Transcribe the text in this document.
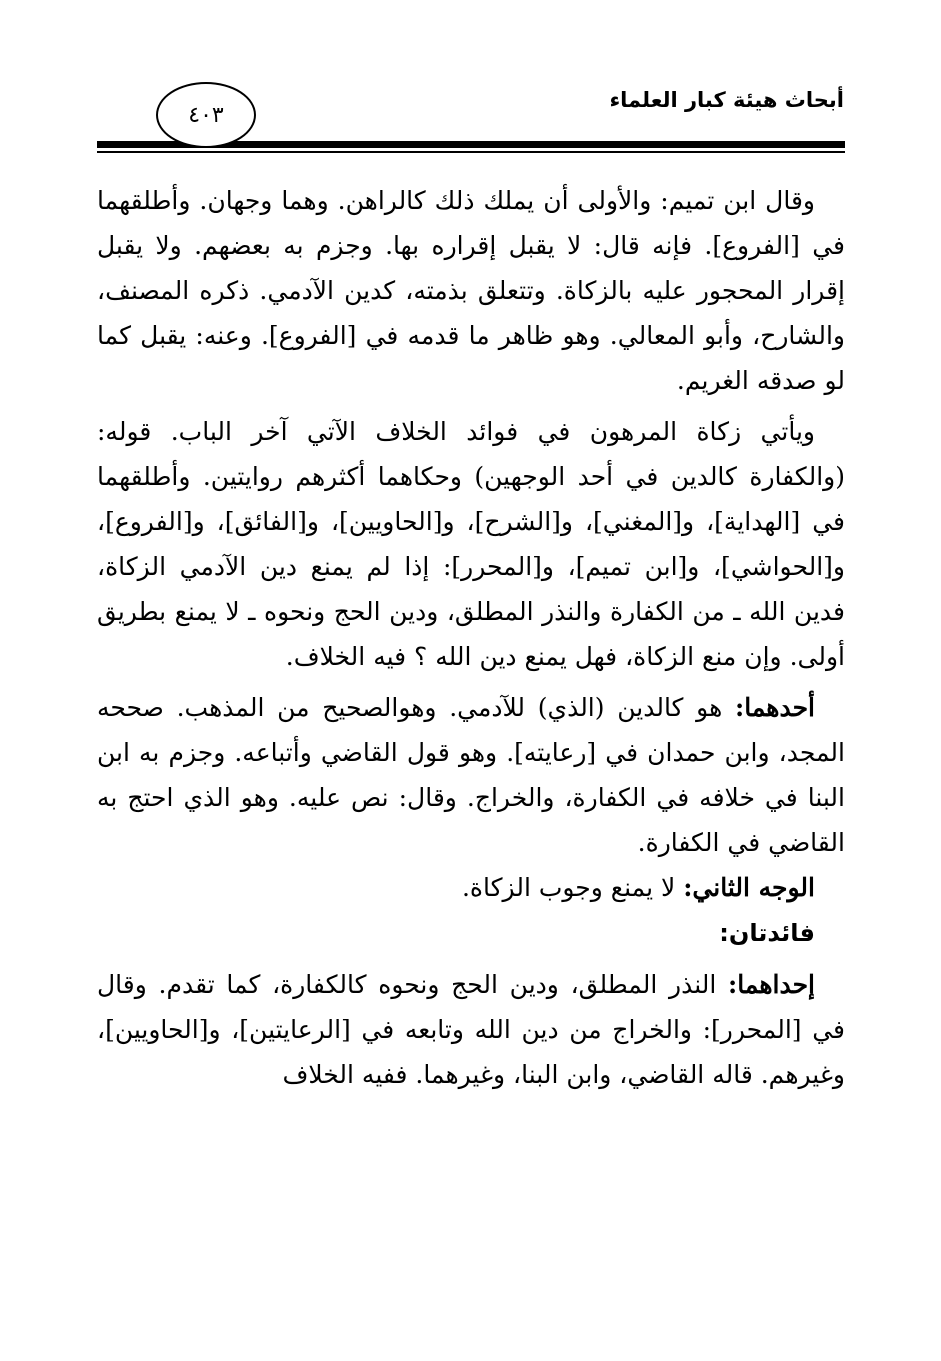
أبحاث هيئة كبار العلماء
٤٠٣

وقال ابن تميم: والأولى أن يملك ذلك كالراهن. وهما وجهان. وأطلقهما في [الفروع]. فإنه قال: لا يقبل إقراره بها. وجزم به بعضهم. ولا يقبل إقرار المحجور عليه بالزكاة. وتتعلق بذمته، كدين الآدمي. ذكره المصنف، والشارح، وأبو المعالي. وهو ظاهر ما قدمه في [الفروع]. وعنه: يقبل كما لو صدقه الغريم.

ويأتي زكاة المرهون في فوائد الخلاف الآتي آخر الباب. قوله: (والكفارة كالدين في أحد الوجهين) وحكاهما أكثرهم روايتين. وأطلقهما في [الهداية]، و[المغني]، و[الشرح]، و[الحاويين]، و[الفائق]، و[الفروع]، و[الحواشي]، و[ابن تميم]، و[المحرر]: إذا لم يمنع دين الآدمي الزكاة، فدين الله ـ من الكفارة والنذر المطلق، ودين الحج ونحوه ـ لا يمنع بطريق أولى. وإن منع الزكاة، فهل يمنع دين الله ؟ فيه الخلاف.

أحدهما: هو كالدين (الذي) للآدمي. وهوالصحيح من المذهب. صححه المجد، وابن حمدان في [رعايته]. وهو قول القاضي وأتباعه. وجزم به ابن البنا في خلافه في الكفارة، والخراج. وقال: نص عليه. وهو الذي احتج به القاضي في الكفارة.

الوجه الثاني: لا يمنع وجوب الزكاة.

فائدتان:

إحداهما: النذر المطلق، ودين الحج ونحوه كالكفارة، كما تقدم. وقال في [المحرر]: والخراج من دين الله وتابعه في [الرعايتين]، و[الحاويين]، وغيرهم. قاله القاضي، وابن البنا، وغيرهما. ففيه الخلاف
